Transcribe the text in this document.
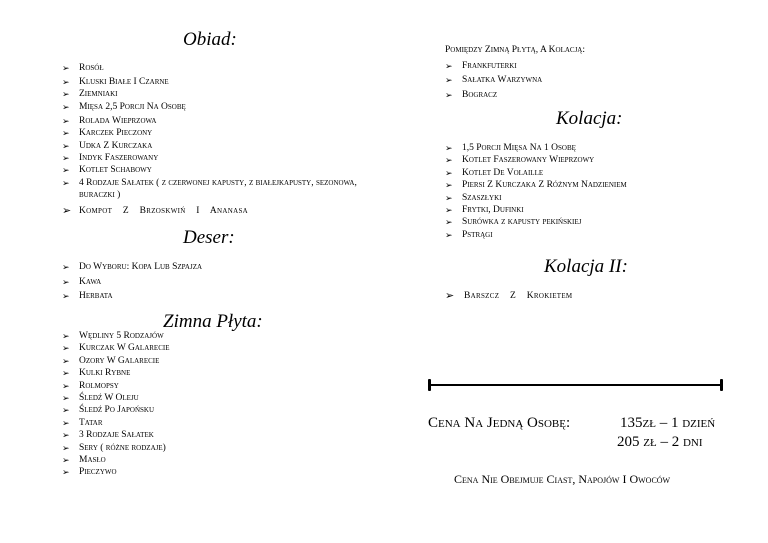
Obiad:
➢ Rosół
➢ Kluski Białe I Czarne
➢ Ziemniaki
➢ Mięsa 2,5 Porcji Na Osobę
➢ Rolada Wieprzowa
➢ Karczek Pieczony
➢ Udka Z Kurczaka
➢ Indyk Faszerowany
➢ Kotlet Schabowy
➢ 4 Rodzaje Sałatek ( z czerwonej kapusty, z białejkapusty, sezonowa, buraczki )
➢ Kompot Z Brzoskwiń I Ananasa
Deser:
➢ Do Wyboru: Kopa Lub Szpajza
➢ Kawa
➢ Herbata
Zimna Płyta:
➢ Wędliny 5 Rodzajów
➢ Kurczak W Galarecie
➢ Ozory W Galarecie
➢ Kulki Rybne
➢ Rolmopsy
➢ Śledź W Oleju
➢ Śledź Po Japońsku
➢ Tatar
➢ 3 Rodzaje Sałatek
➢ Sery ( różne rodzaje)
➢ Masło
➢ Pieczywo
Pomiędzy Zimną Płytą, A Kolacją:
➢ Frankfuterki
➢ Sałatka Warzywna
➢ Bogracz
Kolacja:
➢ 1,5 Porcji Mięsa Na 1 Osobę
➢ Kotlet Faszerowany Wieprzowy
➢ Kotlet De Volaille
➢ Piersi Z Kurczaka Z Różnym Nadzieniem
➢ Szaszłyki
➢ Frytki, Dufinki
➢ Surówka z kapusty pekińskiej
➢ Pstrągi
Kolacja II:
➢ Barszcz Z Krokietem
Cena Na Jedną Osobę:	135zł – 1 dzień
205 zł – 2 dni
Cena Nie Obejmuje Ciast, Napojów I Owoców
